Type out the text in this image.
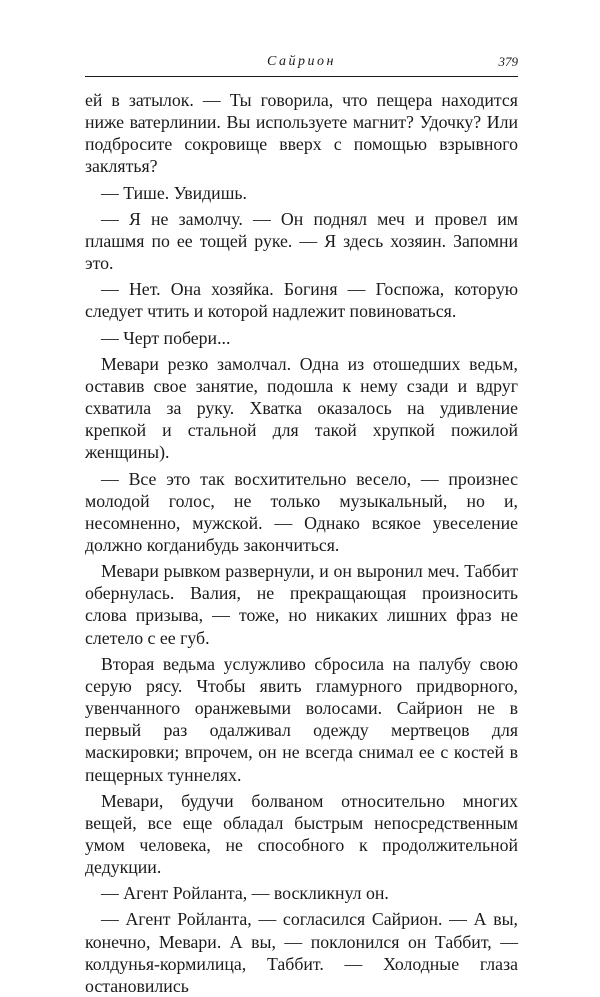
Сайрион	379

ей в затылок. — Ты говорила, что пещера находится ниже ватерлинии. Вы используете магнит? Удочку? Или подбросите сокровище вверх с помощью взрывного заклятья?

— Тише. Увидишь.

— Я не замолчу. — Он поднял меч и провел им плашмя по ее тощей руке. — Я здесь хозяин. Запомни это.

— Нет. Она хозяйка. Богиня — Госпожа, которую следует чтить и которой надлежит повиноваться.

— Черт побери...

Мевари резко замолчал. Одна из отошедших ведьм, оставив свое занятие, подошла к нему сзади и вдруг схватила за руку. Хватка оказалось на удивление крепкой и стальной для такой хрупкой пожилой женщины).

— Все это так восхитительно весело, — произнес молодой голос, не только музыкальный, но и, несомненно, мужской. — Однако всякое увеселение должно когданибудь закончиться.

Мевари рывком развернули, и он выронил меч. Таббит обернулась. Валия, не прекращающая произносить слова призыва, — тоже, но никаких лишних фраз не слетело с ее губ.

Вторая ведьма услужливо сбросила на палубу свою серую рясу. Чтобы явить гламурного придворного, увенчанного оранжевыми волосами. Сайрион не в первый раз одалживал одежду мертвецов для маскировки; впрочем, он не всегда снимал ее с костей в пещерных туннелях.

Мевари, будучи болваном относительно многих вещей, все еще обладал быстрым непосредственным умом человека, не способного к продолжительной дедукции.

— Агент Ройланта, — воскликнул он.

— Агент Ройланта, — согласился Сайрион. — А вы, конечно, Мевари. А вы, — поклонился он Таббит, — колдунья-кормилица, Таббит. — Холодные глаза остановились
